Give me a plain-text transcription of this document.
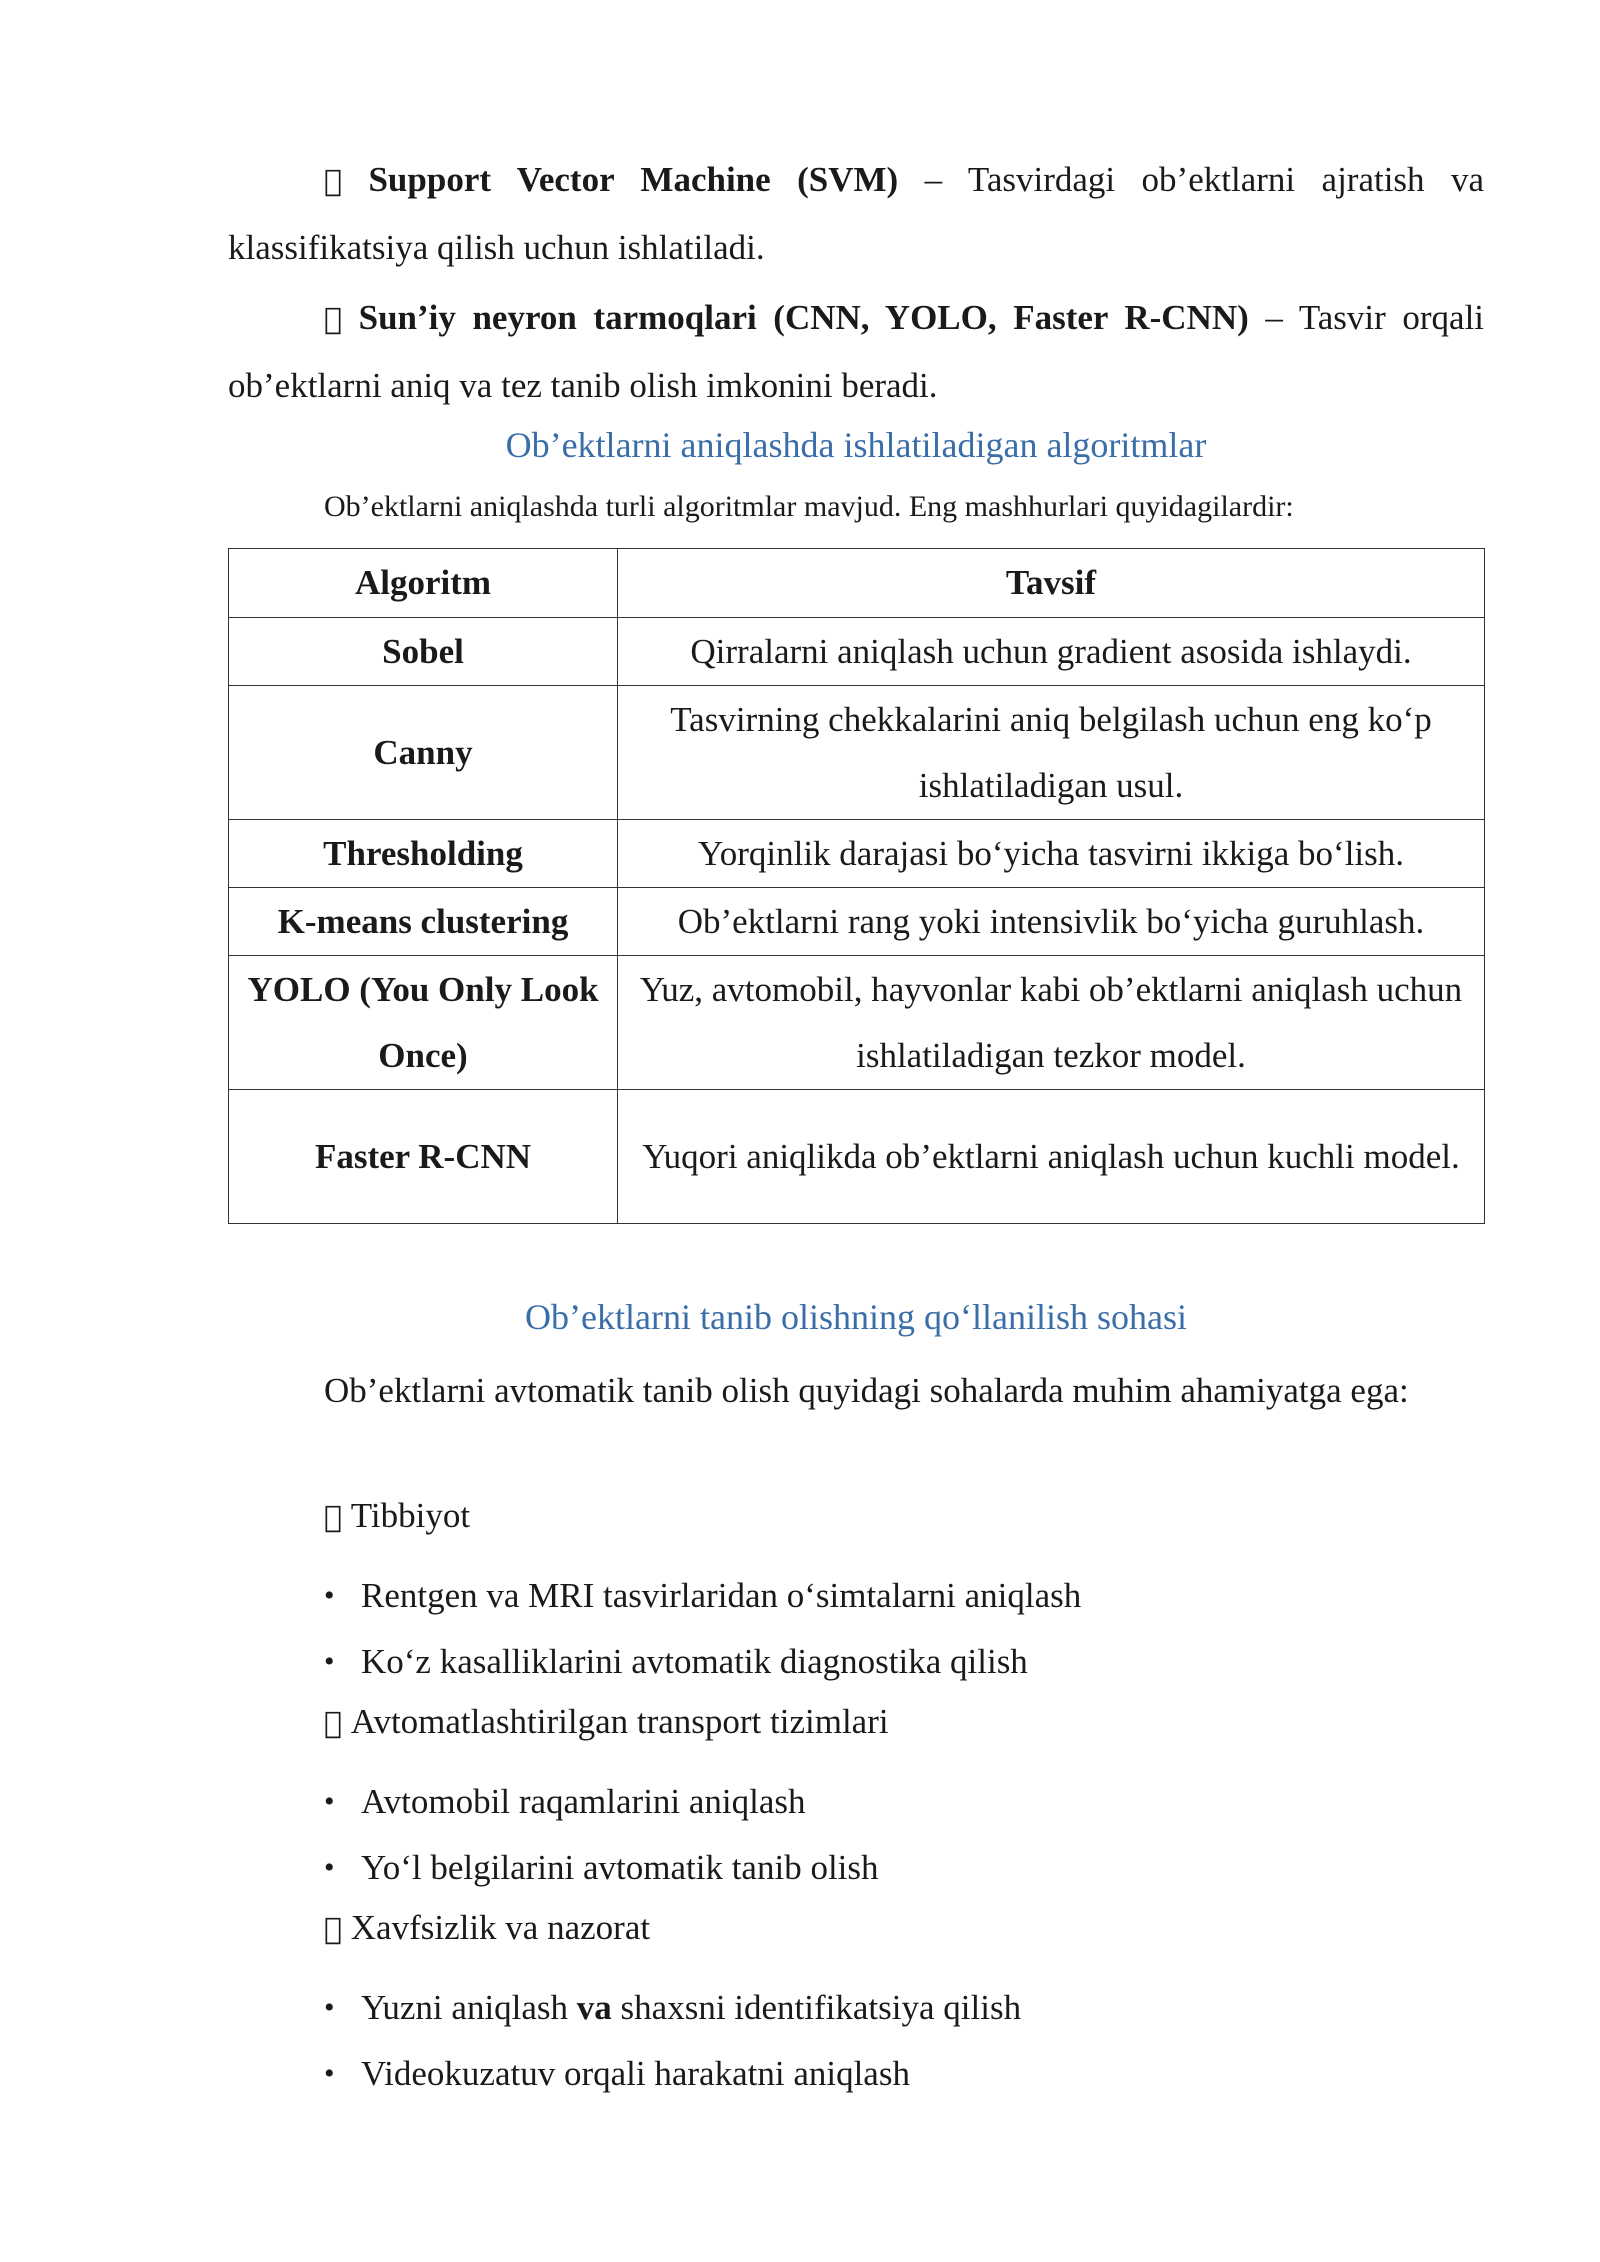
Support Vector Machine (SVM) – Tasvirdagi ob’ektlarni ajratish va klassifikatsiya qilish uchun ishlatiladi.

Sun’iy neyron tarmoqlari (CNN, YOLO, Faster R-CNN) – Tasvir orqali ob’ektlarni aniq va tez tanib olish imkonini beradi.

Ob’ektlarni aniqlashda ishlatiladigan algoritmlar

Ob’ektlarni aniqlashda turli algoritmlar mavjud. Eng mashhurlari quyidagilardir:

Algoritm	Tavsif
Sobel	Qirralarni aniqlash uchun gradient asosida ishlaydi.
Canny	Tasvirning chekkalarini aniq belgilash uchun eng ko‘p ishlatiladigan usul.
Thresholding	Yorqinlik darajasi bo‘yicha tasvirni ikkiga bo‘lish.
K-means clustering	Ob’ektlarni rang yoki intensivlik bo‘yicha guruhlash.
YOLO (You Only Look Once)	Yuz, avtomobil, hayvonlar kabi ob’ektlarni aniqlash uchun ishlatiladigan tezkor model.
Faster R-CNN	Yuqori aniqlikda ob’ektlarni aniqlash uchun kuchli model.
Ob’ektlarni tanib olishning qo‘llanilish sohasi

Ob’ektlarni avtomatik tanib olish quyidagi sohalarda muhim ahamiyatga ega:

Tibbiyot

• Rentgen va MRI tasvirlaridan o‘simtalarni aniqlash
• Ko‘z kasalliklarini avtomatik diagnostika qilish

Avtomatlashtirilgan transport tizimlari

• Avtomobil raqamlarini aniqlash
• Yo‘l belgilarini avtomatik tanib olish

Xavfsizlik va nazorat

• Yuzni aniqlash va shaxsni identifikatsiya qilish
• Videokuzatuv orqali harakatni aniqlash
